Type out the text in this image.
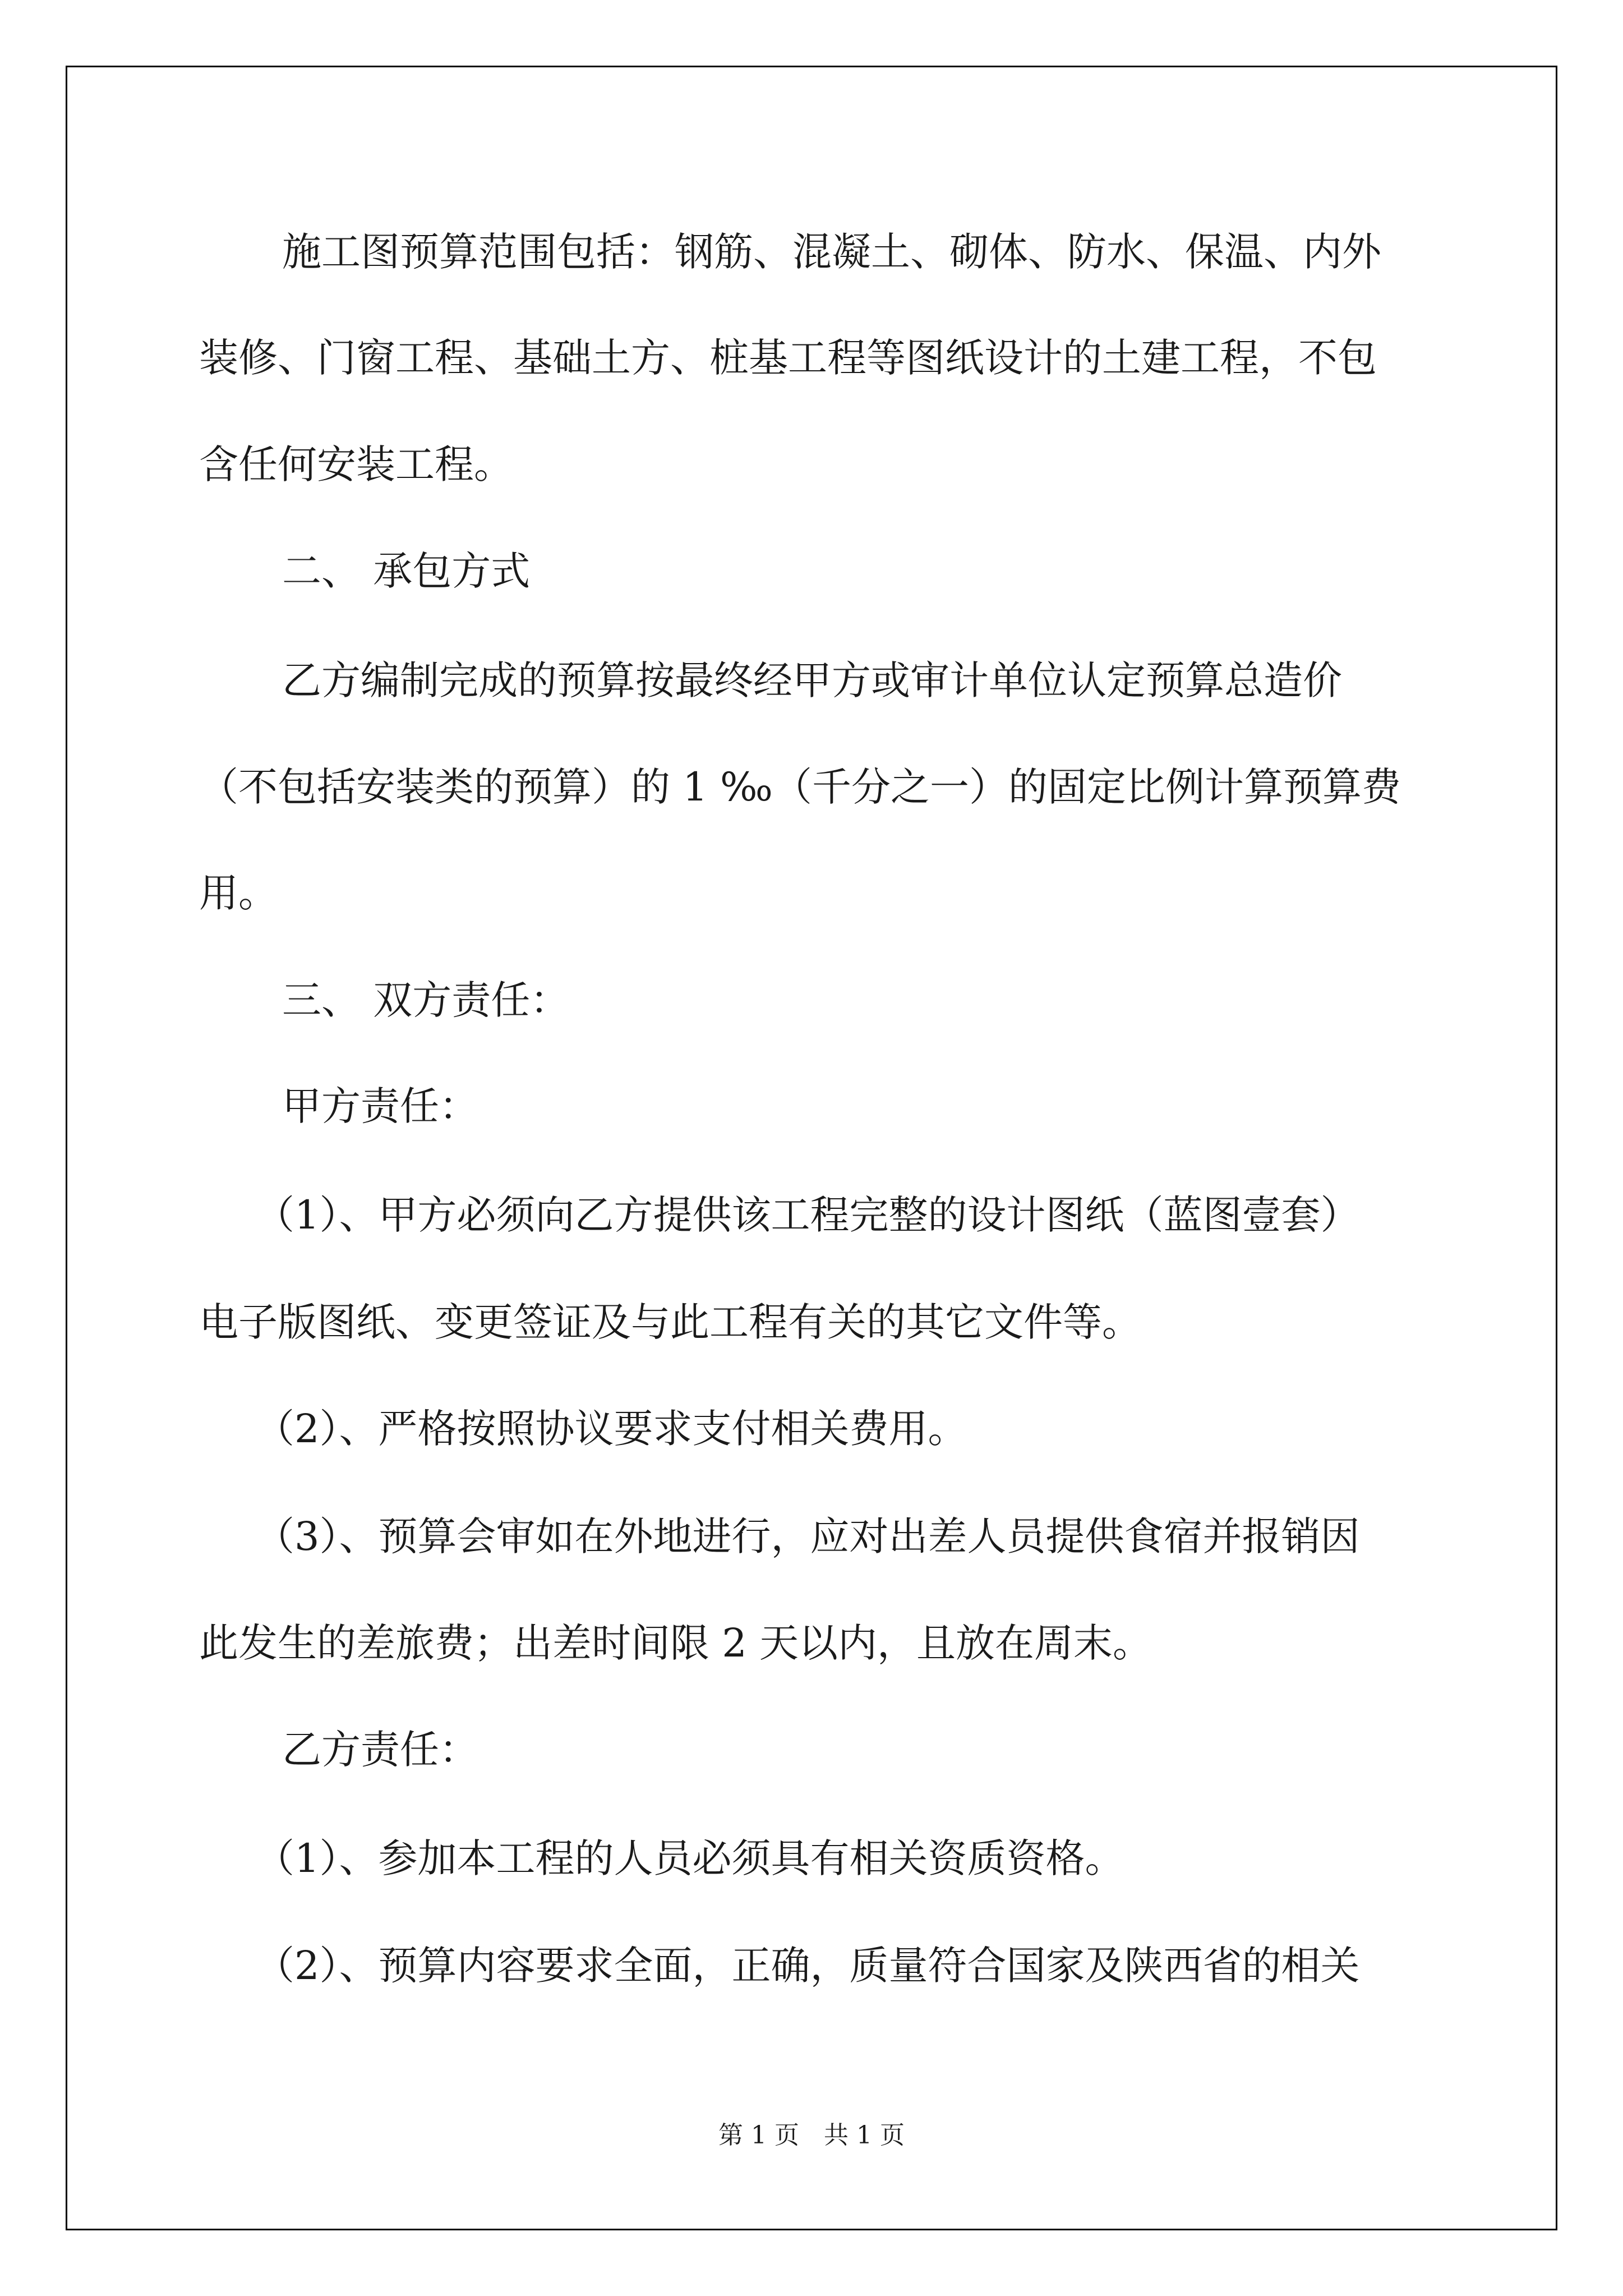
施工图预算范围包括：钢筋、混凝土、砌体、防水、保温、内外

装修、门窗工程、基础土方、桩基工程等图纸设计的土建工程，不包

含任何安装工程。

二、 承包方式

乙方编制完成的预算按最终经甲方或审计单位认定预算总造价

（不包括安装类的预算）的 1 ‰（千分之一）的固定比例计算预算费

用。

三、 双方责任：

甲方责任：

（1）、甲方必须向乙方提供该工程完整的设计图纸（蓝图壹套）

电子版图纸、变更签证及与此工程有关的其它文件等。

（2）、严格按照协议要求支付相关费用。

（3）、预算会审如在外地进行，应对出差人员提供食宿并报销因

此发生的差旅费；出差时间限 2 天以内，且放在周末。

乙方责任：

（1）、参加本工程的人员必须具有相关资质资格。

（2）、预算内容要求全面，正确，质量符合国家及陕西省的相关

第 1 页　共 1 页
